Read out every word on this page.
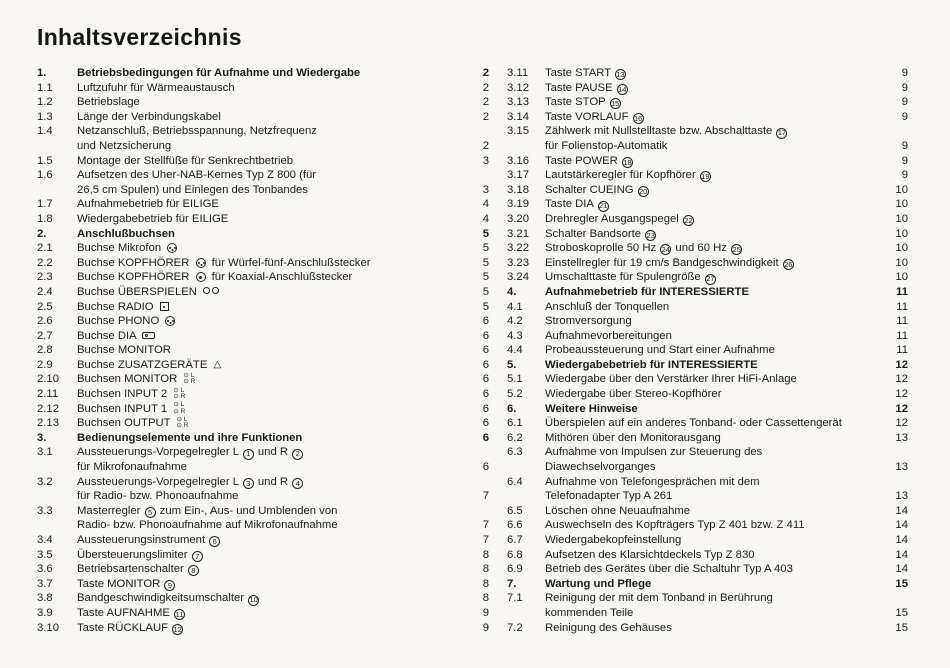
Inhaltsverzeichnis
1.	Betriebsbedingungen für Aufnahme und Wiedergabe	2
1.1	Luftzufuhr für Wärmeaustausch	2
1.2	Betriebslage	2
1.3	Länge der Verbindungskabel	2
1.4	Netzanschluß, Betriebsspannung, Netzfrequenz
und Netzsicherung	2
1.5	Montage der Stellfüße für Senkrechtbetrieb	3
1.6	Aufsetzen des Uher-NAB-Kernes Typ Z 800 (für
26,5 cm Spulen) und Einlegen des Tonbandes	3
1.7	Aufnahmebetrieb für EILIGE	4
1.8	Wiedergabebetrieb für EILIGE	4
2.	Anschlußbuchsen	5
2.1	Buchse Mikrofon	5
2.2	Buchse KOPFHÖRER  für Würfel-fünf-Anschlußstecker	5
2.3	Buchse KOPFHÖRER  für Koaxial-Anschlußstecker	5
2.4	Buchse ÜBERSPIELEN	5
2.5	Buchse RADIO	5
2.6	Buchse PHONO	6
2.7	Buchse DIA	6
2.8	Buchse MONITOR	6
2.9	Buchse ZUSATZGERÄTE △	6
2.10	Buchsen MONITOR ⊙ L ⊙ R	6
2.11	Buchsen INPUT 2 ⊙ L ⊙ R	6
2.12	Buchsen INPUT 1 ⊙ L ⊙ R	6
2.13	Buchsen OUTPUT ⊙ L ⊙ R	6
3.	Bedienungselemente und ihre Funktionen	6
3.1	Aussteuerungs-Vorpegelregler L 1 und R 2
für Mikrofonaufnahme	6
3.2	Aussteuerungs-Vorpegelregler L 3 und R 4
für Radio- bzw. Phonoaufnahme	7
3.3	Masterregler 5 zum Ein-, Aus- und Umblenden von
Radio- bzw. Phonoaufnahme auf Mikrofonaufnahme	7
3.4	Aussteuerungsinstrument 6	7
3.5	Übersteuerungslimiter 7	8
3.6	Betriebsartenschalter 8	8
3.7	Taste MONITOR 9	8
3.8	Bandgeschwindigkeitsumschalter 10	8
3.9	Taste AUFNAHME 11	9
3.10	Taste RÜCKLAUF 12	9
3.11	Taste START 13	9
3.12	Taste PAUSE 14	9
3.13	Taste STOP 15	9
3.14	Taste VORLAUF 16	9
3.15	Zählwerk mit Nullstelltaste bzw. Abschalttaste 17
für Folienstop-Automatik	9
3.16	Taste POWER 18	9
3.17	Lautstärkeregler für Kopfhörer 19	9
3.18	Schalter CUEING 20	10
3.19	Taste DIA 21	10
3.20	Drehregler Ausgangspegel 22	10
3.21	Schalter Bandsorte 23	10
3.22	Stroboskoprolle 50 Hz 24 und 60 Hz 25	10
3.23	Einstellregler für 19 cm/s Bandgeschwindigkeit 26	10
3.24	Umschalttaste für Spulengröße 27	10
4.	Aufnahmebetrieb für INTERESSIERTE	11
4.1	Anschluß der Tonquellen	11
4.2	Stromversorgung	11
4.3	Aufnahmevorbereitungen	11
4.4	Probeaussteuerung und Start einer Aufnahme	11
5.	Wiedergabebetrieb für INTERESSIERTE	12
5.1	Wiedergabe über den Verstärker Ihrer HiFi-Anlage	12
5.2	Wiedergabe über Stereo-Kopfhörer	12
6.	Weitere Hinweise	12
6.1	Überspielen auf ein anderes Tonband- oder Cassettengerät	12
6.2	Mithören über den Monitorausgang	13
6.3	Aufnahme von Impulsen zur Steuerung des
Diawechselvorganges	13
6.4	Aufnahme von Telefongesprächen mit dem
Telefonadapter Typ A 261	13
6.5	Löschen ohne Neuaufnahme	14
6.6	Auswechseln des Kopfträgers Typ Z 401 bzw. Z 411	14
6.7	Wiedergabekopfeinstellung	14
6.8	Aufsetzen des Klarsichtdeckels Typ Z 830	14
6.9	Betrieb des Gerätes über die Schaltuhr Typ A 403	14
7.	Wartung und Pflege	15
7.1	Reinigung der mit dem Tonband in Berührung
kommenden Teile	15
7.2	Reinigung des Gehäuses	15
